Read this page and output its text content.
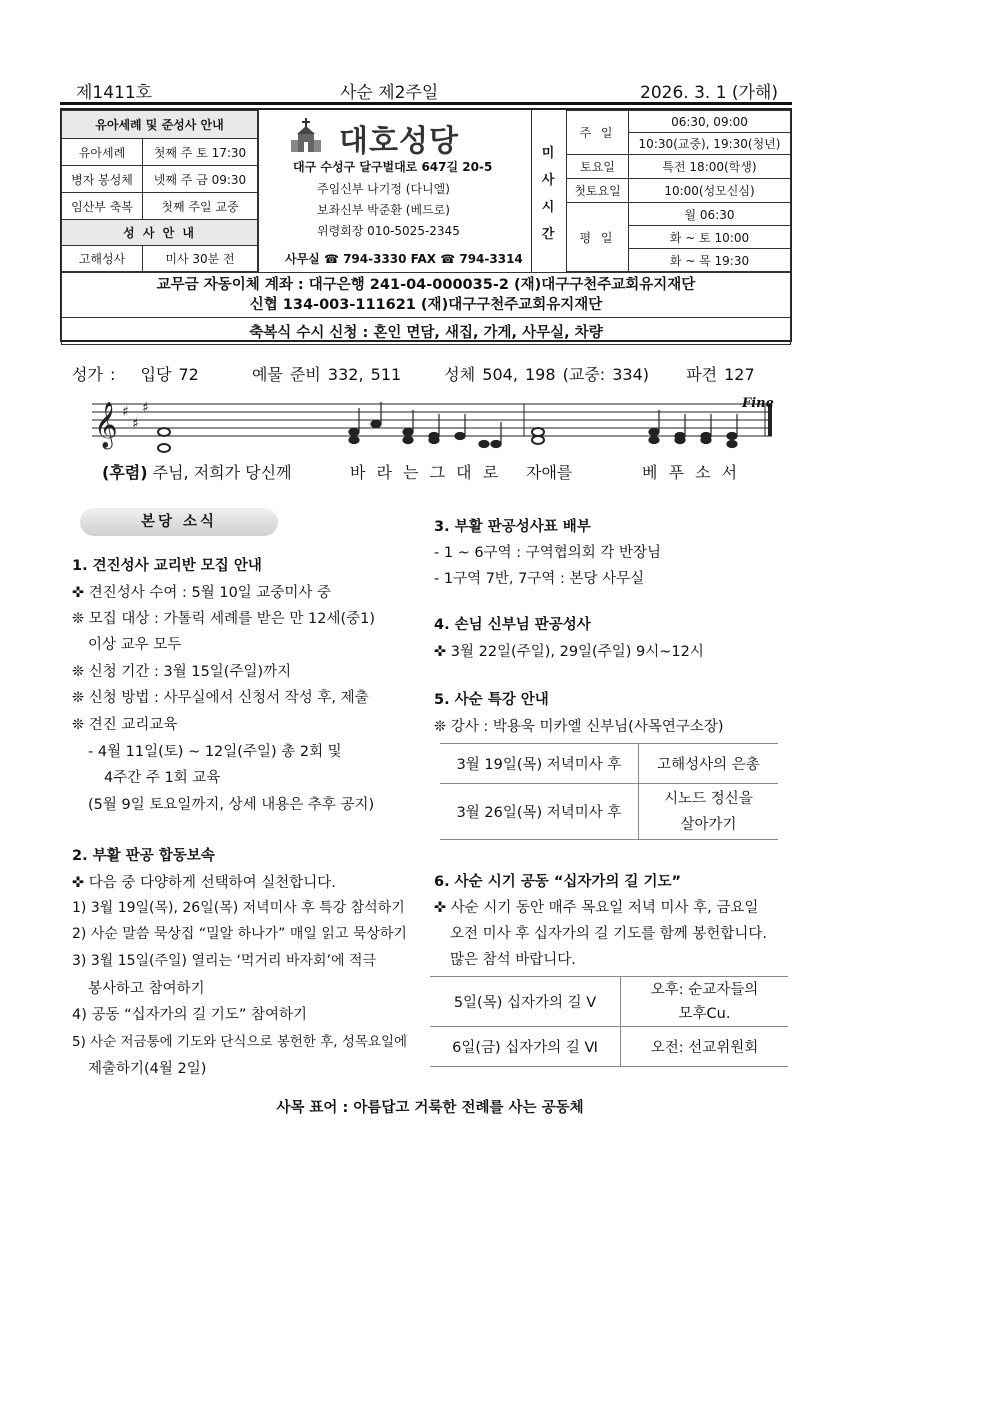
제1411호	사순 제2주일	2026. 3. 1 (가해)
유아세례 및 준성사 안내	
유아세례	첫째 주 토 17:30
병자 봉성체	넷째 주 금 09:30
임산부 축복	첫째 주일 교중
성 사 안 내	
고해성사	미사 30분 전
대호성당
대구 수성구 달구벌대로 647길 20-5
주임신부 나기정 (다니엘)
보좌신부 박준환 (베드로)
위령회장 010-5025-2345
사무실 ☎ 794-3330 FAX ☎ 794-3314
미
사
시
간
주 일	06:30, 09:00
	10:30(교중), 19:30(청년)
토요일	특전 18:00(학생)
첫토요일	10:00(성모신심)
평 일	월 06:30
	화 ~ 토 10:00
	화 ~ 목 19:30
교무금 자동이체 계좌 : 대구은행 241-04-000035-2 (재)대구구천주교회유지재단
신협 134-003-111621 (재)대구구천주교회유지재단

축복식 수시 신청 : 혼인 면담, 새집, 가게, 사무실, 차량
성가 : 입당 72	예물 준비 332, 511	성체 504, 198 (교중: 334) 파견 127
𝄞 ♯
♯
♯	Fine
(후렴) 주님, 저희가 당신께	바 라 는 그 대 로 자애를	베 푸 소 서
본당 소식
1. 견진성사 교리반 모집 안내
✜ 견진성사 수여 : 5월 10일 교중미사 중
❊ 모집 대상 : 가톨릭 세례를 받은 만 12세(중1)
이상 교우 모두
❊ 신청 기간 : 3월 15일(주일)까지
❊ 신청 방법 : 사무실에서 신청서 작성 후, 제출
❊ 견진 교리교육
- 4월 11일(토) ~ 12일(주일) 총 2회 및
4주간 주 1회 교육
(5월 9일 토요일까지, 상세 내용은 추후 공지)
2. 부활 판공 합동보속
✜ 다음 중 다양하게 선택하여 실천합니다.
1) 3월 19일(목), 26일(목) 저녁미사 후 특강 참석하기
2) 사순 말씀 묵상집 “밀알 하나가” 매일 읽고 묵상하기
3) 3월 15일(주일) 열리는 ‘먹거리 바자회’에 적극
봉사하고 참여하기
4) 공동 “십자가의 길 기도” 참여하기
5) 사순 저금통에 기도와 단식으로 봉헌한 후, 성목요일에
제출하기(4월 2일)
3. 부활 판공성사표 배부
- 1 ~ 6구역 : 구역협의회 각 반장님
- 1구역 7반, 7구역 : 본당 사무실
4. 손님 신부님 판공성사
✜ 3월 22일(주일), 29일(주일) 9시~12시
5. 사순 특강 안내
❊ 강사 : 박용욱 미카엘 신부님(사목연구소장)
3월 19일(목) 저녁미사 후	고해성사의 은총
3월 26일(목) 저녁미사 후	시노드 정신을
살아가기
6. 사순 시기 공동 “십자가의 길 기도”
✜ 사순 시기 동안 매주 목요일 저녁 미사 후, 금요일
오전 미사 후 십자가의 길 기도를 함께 봉헌합니다.
많은 참석 바랍니다.
5일(목) 십자가의 길 Ⅴ	오후: 순교자들의
모후Cu.

6일(금) 십자가의 길 Ⅵ	오전: 선교위원회
사목 표어 : 아름답고 거룩한 전례를 사는 공동체
